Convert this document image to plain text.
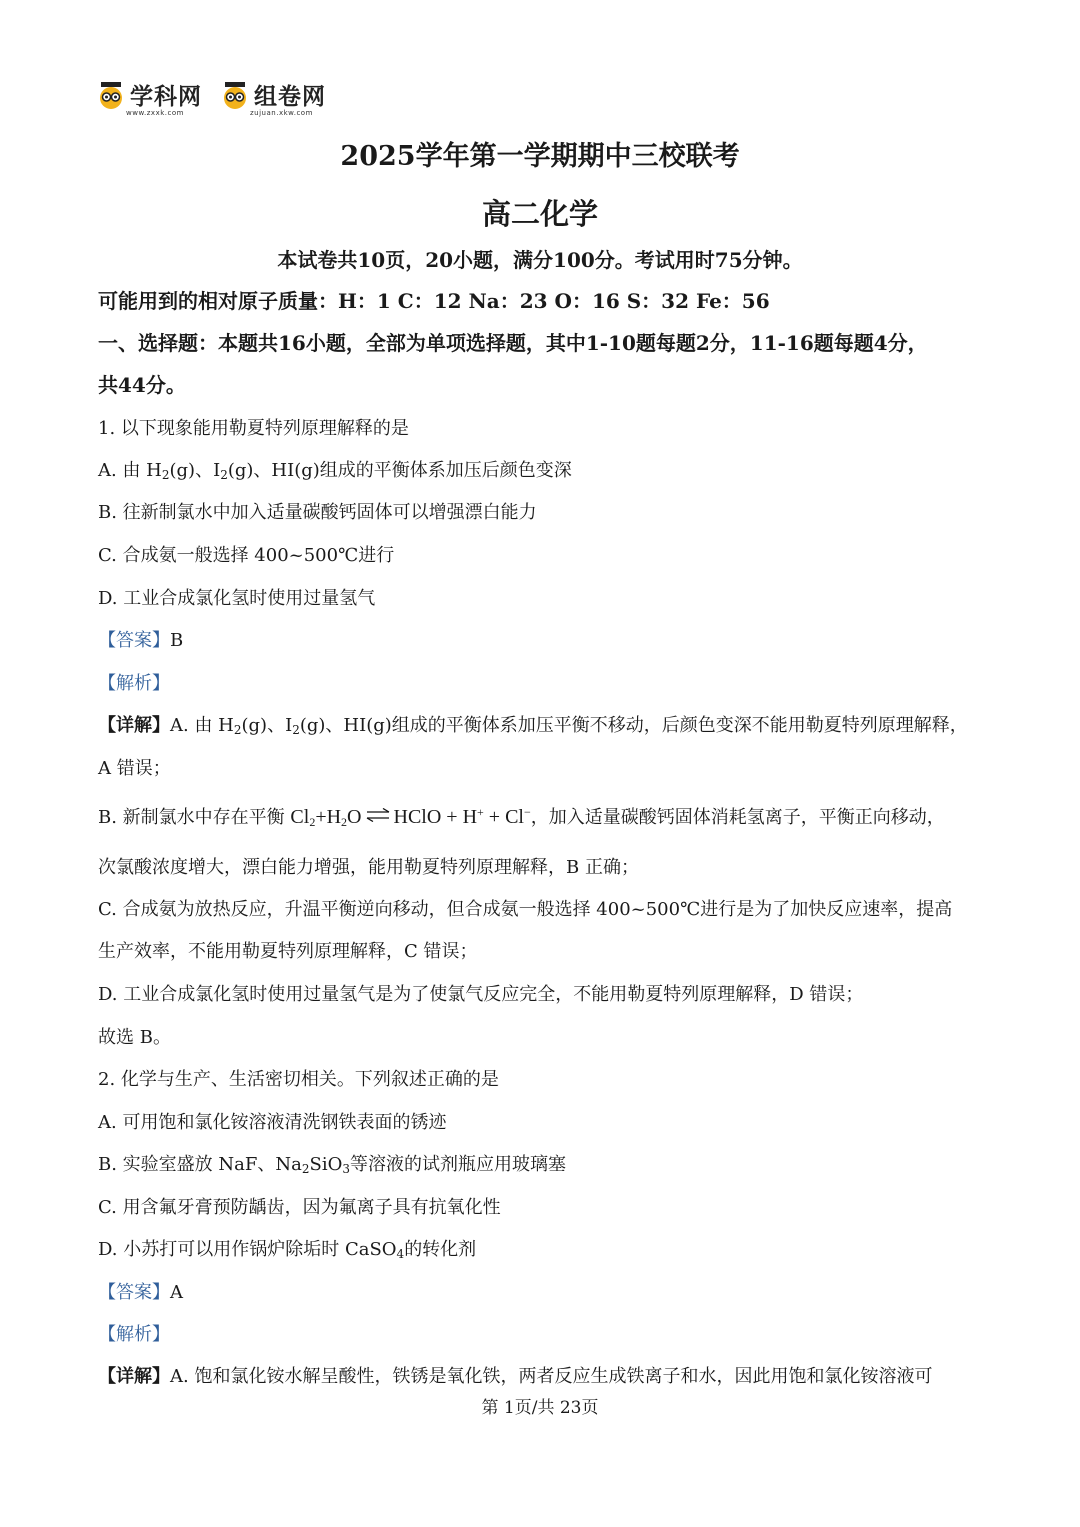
学科网
www.zxxk.com
组卷网
zujuan.xkw.com
2025学年第一学期期中三校联考
高二化学
本试卷共10页，20小题，满分100分。考试用时75分钟。
可能用到的相对原子质量：H：1 C：12 Na：23 O：16 S：32 Fe：56
一、选择题：本题共16小题，全部为单项选择题，其中1-10题每题2分，11-16题每题4分，
共44分。
1. 以下现象能用勒夏特列原理解释的是
A. 由 $H_2(g)$、$I_2(g)$、HI(g)组成的平衡体系加压后颜色变深
B. 往新制氯水中加入适量碳酸钙固体可以增强漂白能力
C. 合成氨一般选择 400~500℃进行
D. 工业合成氯化氢时使用过量氢气
【答案】B
【解析】
【详解】A. 由 $H_2(g)$、$I_2(g)$、HI(g)组成的平衡体系加压平衡不移动，后颜色变深不能用勒夏特列原理解释，
A 错误；
B. 新制氯水中存在平衡 $Cl_2+H_2O$ ⇌ HClO + H+ + Cl−，加入适量碳酸钙固体消耗氢离子，平衡正向移动，
次氯酸浓度增大，漂白能力增强，能用勒夏特列原理解释，B 正确；
C. 合成氨为放热反应，升温平衡逆向移动，但合成氨一般选择 400~500℃进行是为了加快反应速率，提高
生产效率，不能用勒夏特列原理解释，C 错误；
D. 工业合成氯化氢时使用过量氢气是为了使氯气反应完全，不能用勒夏特列原理解释，D 错误；
故选 B。
2. 化学与生产、生活密切相关。下列叙述正确的是
A. 可用饱和氯化铵溶液清洗钢铁表面的锈迹
B. 实验室盛放 NaF、$Na_2SiO_3$等溶液的试剂瓶应用玻璃塞
C. 用含氟牙膏预防龋齿，因为氟离子具有抗氧化性
D. 小苏打可以用作锅炉除垢时 CaSO$_4$的转化剂
【答案】A
【解析】
【详解】A. 饱和氯化铵水解呈酸性，铁锈是氧化铁，两者反应生成铁离子和水，因此用饱和氯化铵溶液可
第 1页/共 23页
